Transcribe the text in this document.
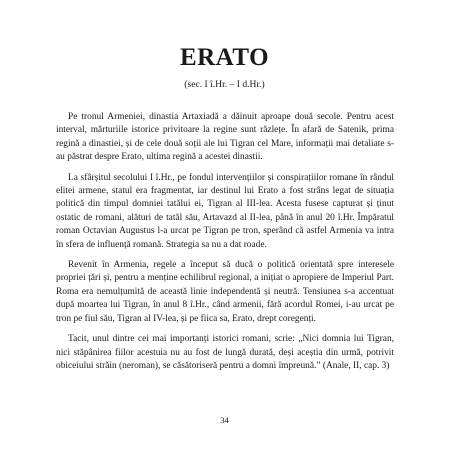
ERATO
(sec. I î.Hr. – I d.Hr.)

Pe tronul Armeniei, dinastia Artaxiadă a dăinuit aproape două secole. Pentru acest interval, mărturiile istorice privitoare la regine sunt răzlețe. În afară de Satenik, prima regină a dinastiei, și de cele două soții ale lui Tigran cel Mare, informații mai detaliate s-au păstrat despre Erato, ultima regină a acestei dinastii.

La sfârșitul secolului I î.Hr., pe fondul intervențiilor și conspirațiilor romane în rândul elitei armene, statul era fragmentat, iar destinul lui Erato a fost strâns legat de situația politică din timpul domniei tatălui ei, Tigran al III-lea. Acesta fusese capturat și ținut ostatic de romani, alături de tatăl său, Artavazd al II-lea, până în anul 20 î.Hr. Împăratul roman Octavian Augustus l-a urcat pe Tigran pe tron, sperând că astfel Armenia va intra în sfera de influență romană. Strategia sa nu a dat roade.

Revenit în Armenia, regele a început să ducă o politică orientată spre interesele propriei țări și, pentru a menține echilibrul regional, a inițiat o apropiere de Imperiul Part. Roma era nemulțumită de această linie independentă și neutră. Tensiunea s-a accentuat după moartea lui Tigran, în anul 8 î.Hr., când armenii, fără acordul Romei, i-au urcat pe tron pe fiul său, Tigran al IV-lea, și pe fiica sa, Erato, drept coregenți.

Tacit, unul dintre cei mai importanți istorici romani, scrie: „Nici domnia lui Tigran, nici stăpânirea fiilor acestuia nu au fost de lungă durată, deși aceștia din urmă, potrivit obiceiului străin (neroman), se căsătoriseră pentru a domni împreună.” (Anale, II, cap. 3)

34
